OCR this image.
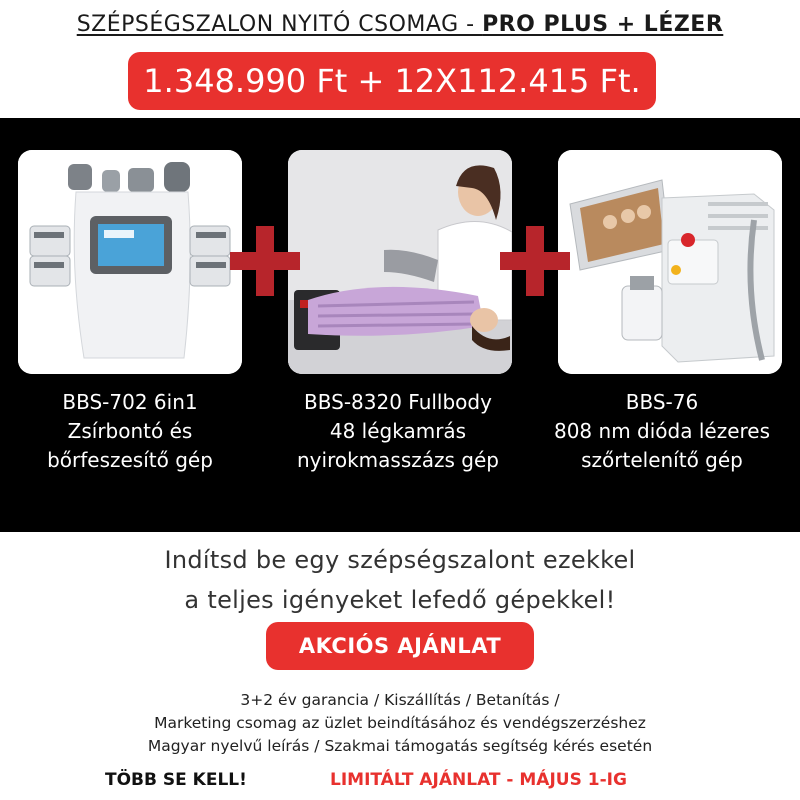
SZÉPSÉGSZALON NYITÓ CSOMAG - PRO PLUS + LÉZER
1.348.990 Ft + 12X112.415 Ft.
BBS-702 6in1
Zsírbontó és
bőrfeszesítő gép
BBS-8320 Fullbody
48 légkamrás
nyirokmasszázs gép
BBS-76
808 nm dióda lézeres
szőrtelenítő gép
Indítsd be egy szépségszalont ezekkel
a teljes igényeket lefedő gépekkel!
AKCIÓS AJÁNLAT
3+2 év garancia / Kiszállítás / Betanítás /
Marketing csomag az üzlet beindításához és vendégszerzéshez
Magyar nyelvű leírás / Szakmai támogatás segítség kérés esetén
TÖBB SE KELL!	LIMITÁLT AJÁNLAT - MÁJUS 1-IG
